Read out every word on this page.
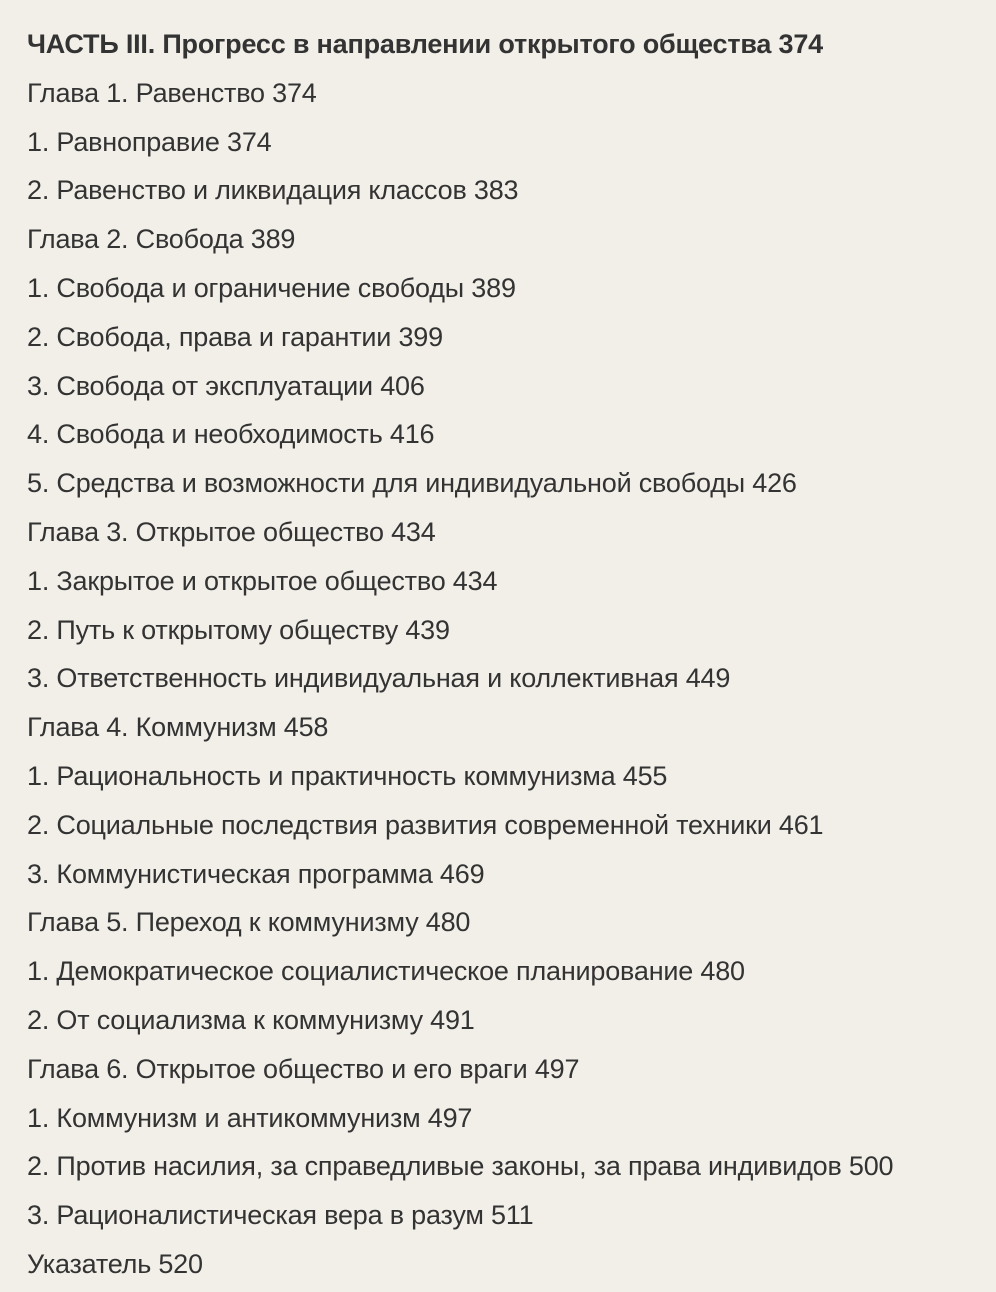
ЧАСТЬ III. Прогресс в направлении открытого общества 374
Глава 1. Равенство 374
1. Равноправие 374
2. Равенство и ликвидация классов 383
Глава 2. Свобода 389
1. Свобода и ограничение свободы 389
2. Свобода, права и гарантии 399
3. Свобода от эксплуатации 406
4. Свобода и необходимость 416
5. Средства и возможности для индивидуальной свободы 426
Глава 3. Открытое общество 434
1. Закрытое и открытое общество 434
2. Путь к открытому обществу 439
3. Ответственность индивидуальная и коллективная 449
Глава 4. Коммунизм 458
1. Рациональность и практичность коммунизма 455
2. Социальные последствия развития современной техники 461
3. Коммунистическая программа 469
Глава 5. Переход к коммунизму 480
1. Демократическое социалистическое планирование 480
2. От социализма к коммунизму 491
Глава 6. Открытое общество и его враги 497
1. Коммунизм и антикоммунизм 497
2. Против насилия, за справедливые законы, за права индивидов 500
3. Рационалистическая вера в разум 511
Указатель 520
